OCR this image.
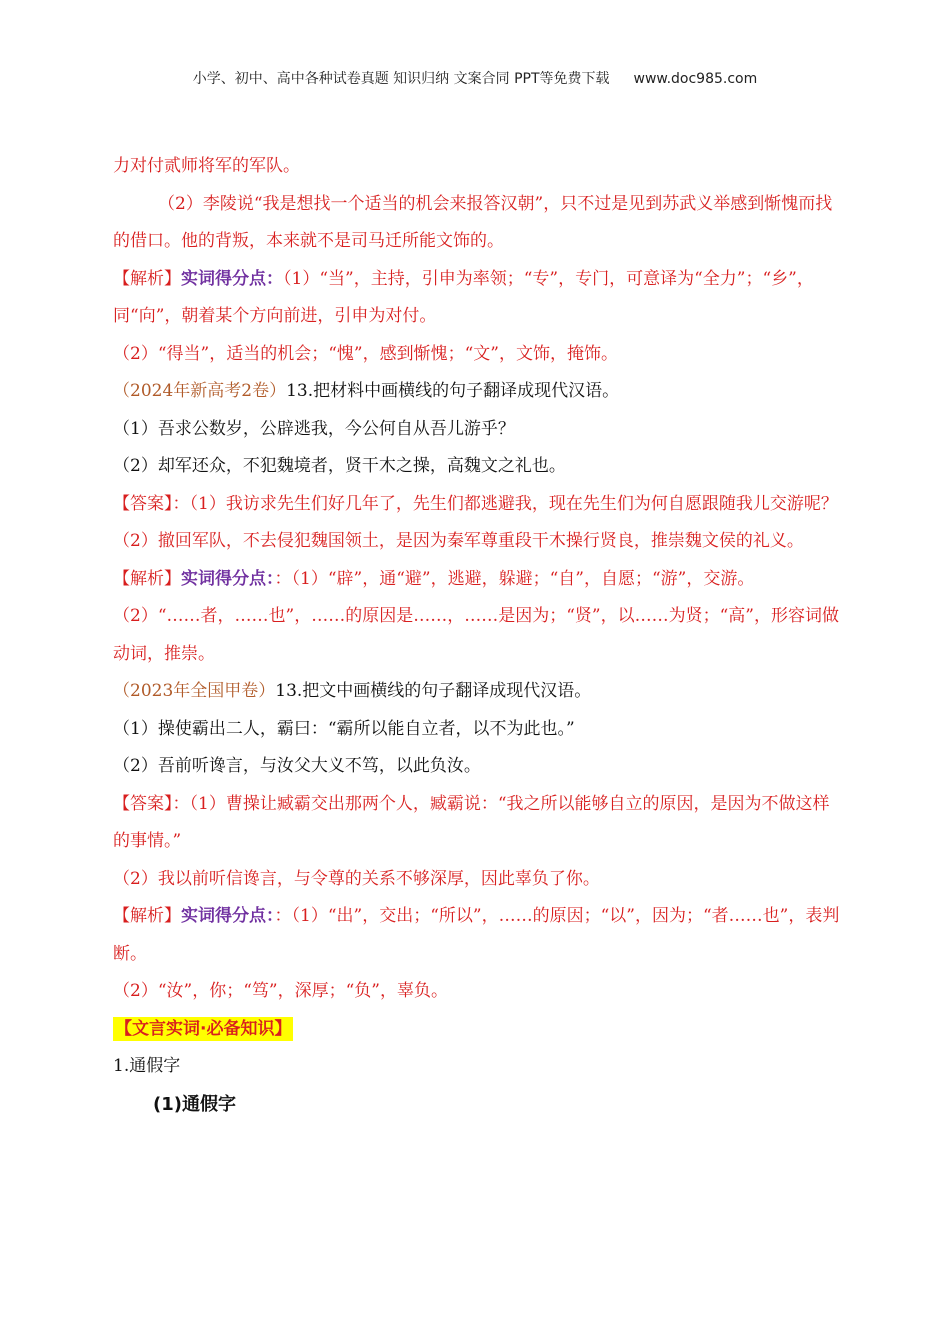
小学、初中、高中各种试卷真题 知识归纳 文案合同 PPT等免费下载 www.doc985.com

力对付贰师将军的军队。

（2）李陵说“我是想找一个适当的机会来报答汉朝”，只不过是见到苏武义举感到惭愧而找的借口。他的背叛，本来就不是司马迁所能文饰的。

【解析】实词得分点：（1）“当”，主持，引申为率领；“专”，专门，可意译为“全力”；“乡”，同“向”，朝着某个方向前进，引申为对付。

（2）“得当”，适当的机会；“愧”，感到惭愧；“文”，文饰，掩饰。

（2024年新高考2卷）13.把材料中画横线的句子翻译成现代汉语。

（1）吾求公数岁，公辟逃我，今公何自从吾儿游乎？

（2）却军还众，不犯魏境者，贤干木之操，高魏文之礼也。

【答案】：（1）我访求先生们好几年了，先生们都逃避我，现在先生们为何自愿跟随我儿交游呢？

（2）撤回军队，不去侵犯魏国领土，是因为秦军尊重段干木操行贤良，推崇魏文侯的礼义。

【解析】实词得分点：：（1）“辟”，通“避”，逃避，躲避；“自”，自愿；“游”，交游。

（2）“……者，……也”，……的原因是……，……是因为；“贤”，以……为贤；“高”，形容词做动词，推崇。

（2023年全国甲卷）13.把文中画横线的句子翻译成现代汉语。

（1）操使霸出二人，霸曰：“霸所以能自立者，以不为此也。”

（2）吾前听谗言，与汝父大义不笃，以此负汝。

【答案】：（1）曹操让臧霸交出那两个人，臧霸说：“我之所以能够自立的原因，是因为不做这样的事情。”

（2）我以前听信谗言，与令尊的关系不够深厚，因此辜负了你。

【解析】实词得分点：：（1）“出”，交出；“所以”，……的原因；“以”，因为；“者……也”，表判断。

（2）“汝”，你；“笃”，深厚；“负”，辜负。

【文言实词·必备知识】

1.通假字

(1)通假字
